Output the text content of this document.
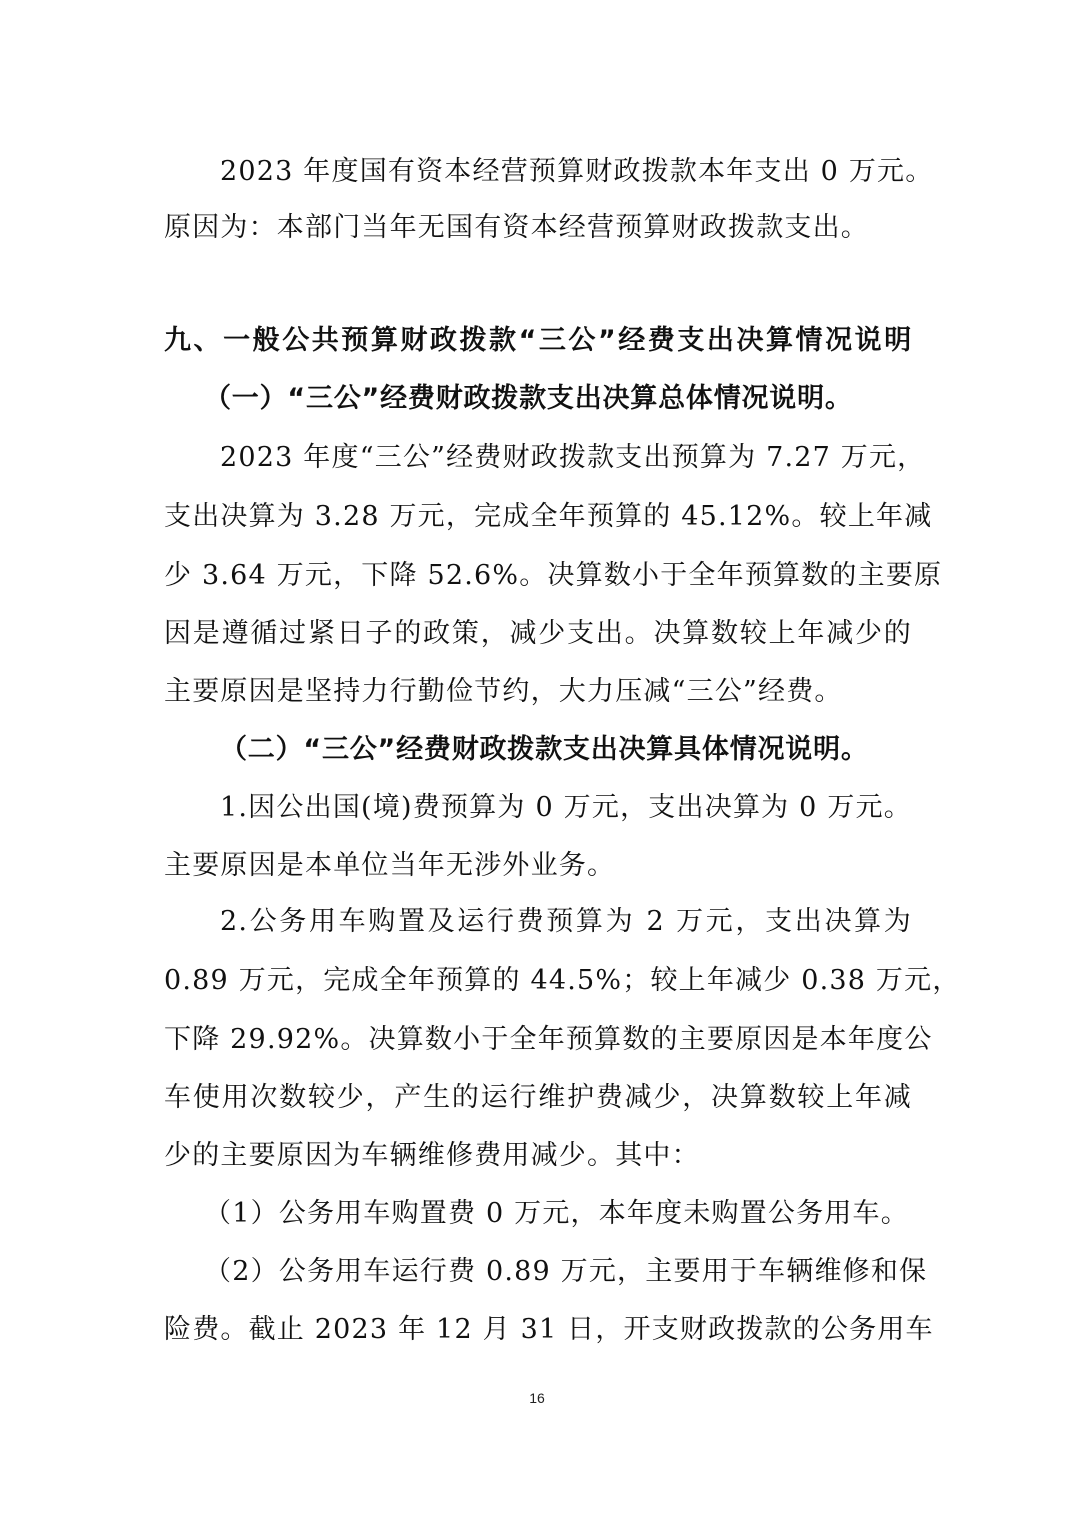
2023 年度国有资本经营预算财政拨款本年支出 0 万元。
原因为：本部门当年无国有资本经营预算财政拨款支出。
九、一般公共预算财政拨款“三公”经费支出决算情况说明
（一）“三公”经费财政拨款支出决算总体情况说明。
2023 年度“三公”经费财政拨款支出预算为 7.27 万元，
支出决算为 3.28 万元，完成全年预算的 45.12%。较上年减
少 3.64 万元，下降 52.6%。决算数小于全年预算数的主要原
因是遵循过紧日子的政策，减少支出。决算数较上年减少的
主要原因是坚持力行勤俭节约，大力压减“三公”经费。
（二）“三公”经费财政拨款支出决算具体情况说明。
1.因公出国(境)费预算为 0 万元，支出决算为 0 万元。
主要原因是本单位当年无涉外业务。
2.公务用车购置及运行费预算为 2 万元，支出决算为
0.89 万元，完成全年预算的 44.5%；较上年减少 0.38 万元，
下降 29.92%。决算数小于全年预算数的主要原因是本年度公
车使用次数较少，产生的运行维护费减少，决算数较上年减
少的主要原因为车辆维修费用减少。其中：
（1）公务用车购置费 0 万元，本年度未购置公务用车。
（2）公务用车运行费 0.89 万元，主要用于车辆维修和保
险费。截止 2023 年 12 月 31 日，开支财政拨款的公务用车
16
